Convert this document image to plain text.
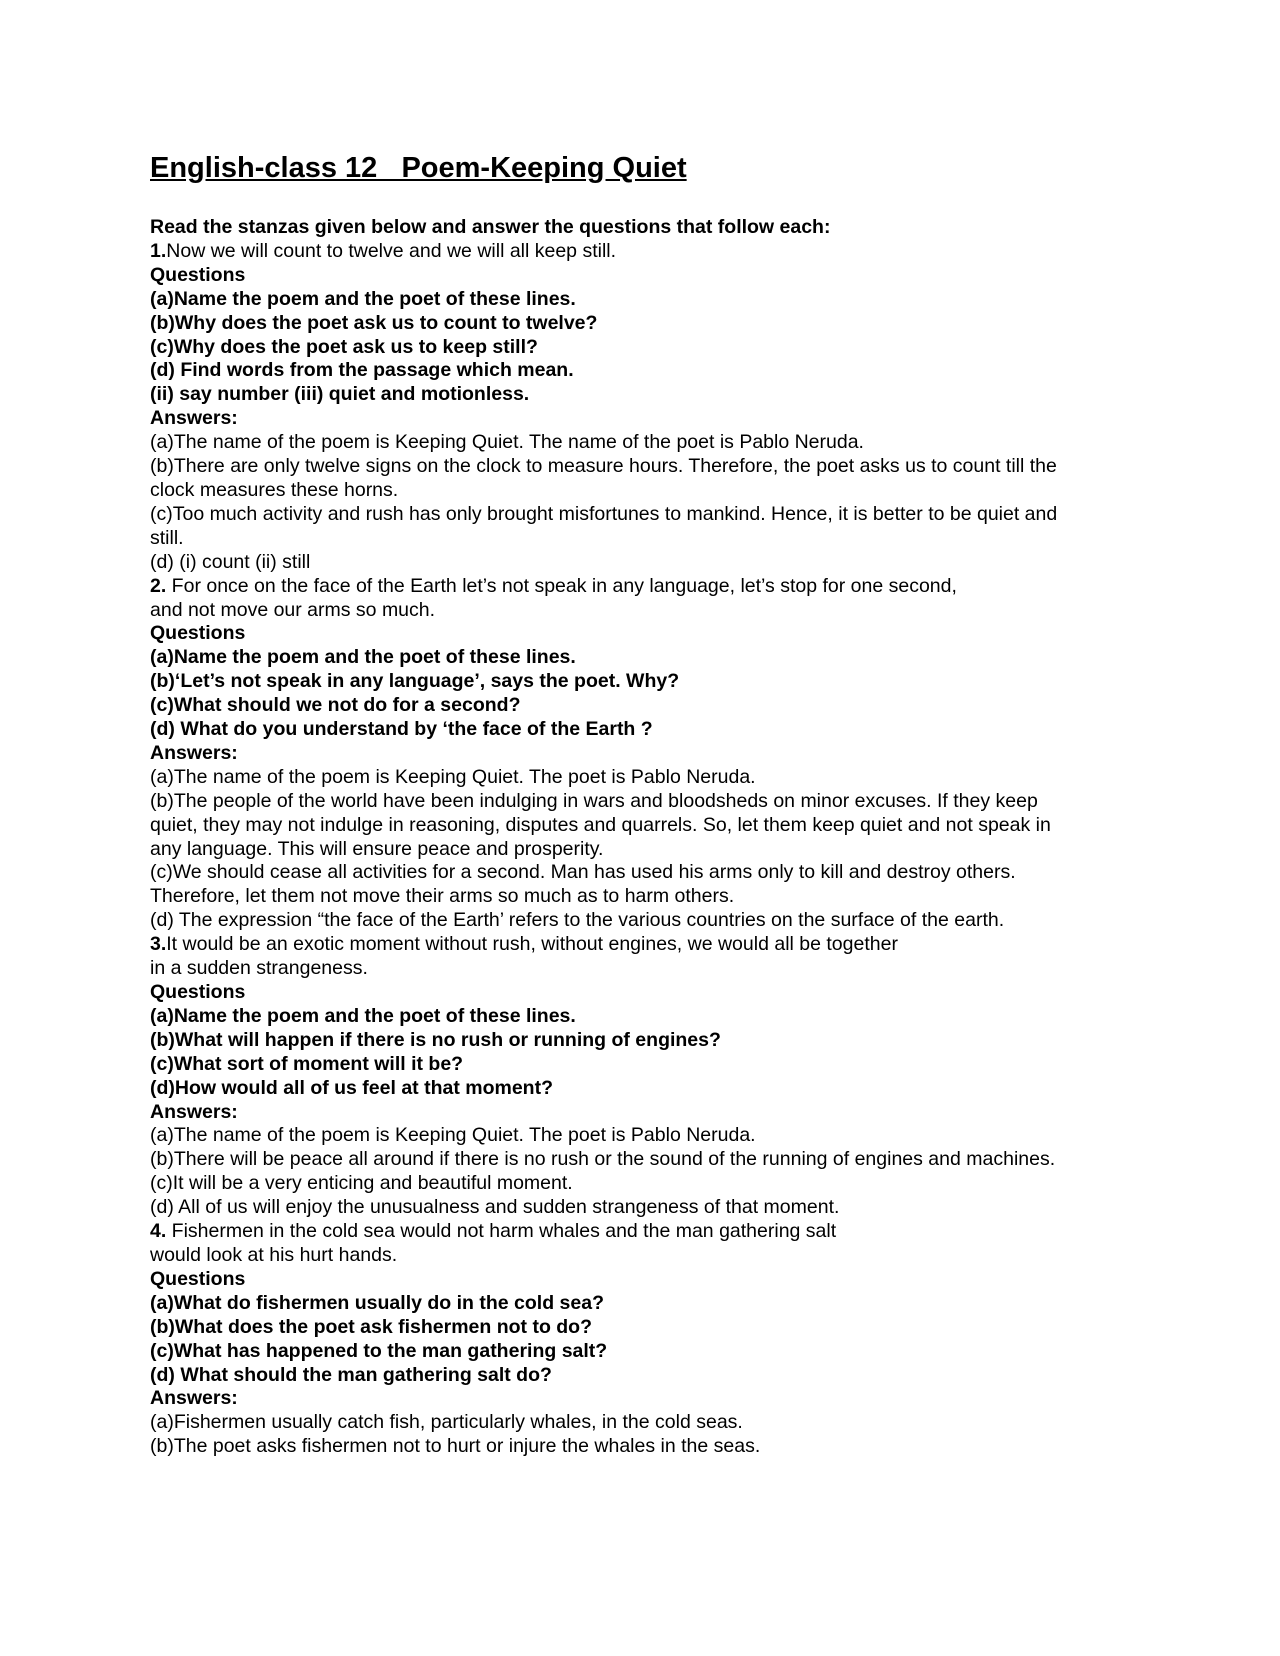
English-class 12   Poem-Keeping Quiet

Read the stanzas given below and answer the questions that follow each:

1.Now we will count to twelve and we will all keep still.

Questions

(a)Name the poem and the poet of these lines.

(b)Why does the poet ask us to count to twelve?

(c)Why does the poet ask us to keep still?

(d) Find words from the passage which mean.

(ii) say number (iii) quiet and motionless.

Answers:

(a)The name of the poem is Keeping Quiet. The name of the poet is Pablo Neruda.

(b)There are only twelve signs on the clock to measure hours. Therefore, the poet asks us to count till the

clock measures these horns.

(c)Too much activity and rush has only brought misfortunes to mankind. Hence, it is better to be quiet and

still.

(d) (i) count (ii) still

2. For once on the face of the Earth let’s not speak in any language, let’s stop for one second,

and not move our arms so much.

Questions

(a)Name the poem and the poet of these lines.

(b)‘Let’s not speak in any language’, says the poet. Why?

(c)What should we not do for a second?

(d) What do you understand by ‘the face of the Earth ?

Answers:

(a)The name of the poem is Keeping Quiet. The poet is Pablo Neruda.

(b)The people of the world have been indulging in wars and bloodsheds on minor excuses. If they keep

quiet, they may not indulge in reasoning, disputes and quarrels. So, let them keep quiet and not speak in

any language. This will ensure peace and prosperity.

(c)We should cease all activities for a second. Man has used his arms only to kill and destroy others.

Therefore, let them not move their arms so much as to harm others.

(d) The expression “the face of the Earth’ refers to the various countries on the surface of the earth.

3.It would be an exotic moment without rush, without engines, we would all be together

in a sudden strangeness.

Questions

(a)Name the poem and the poet of these lines.

(b)What will happen if there is no rush or running of engines?

(c)What sort of moment will it be?

(d)How would all of us feel at that moment?

Answers:

(a)The name of the poem is Keeping Quiet. The poet is Pablo Neruda.

(b)There will be peace all around if there is no rush or the sound of the running of engines and machines.

(c)It will be a very enticing and beautiful moment.

(d) All of us will enjoy the unusualness and sudden strangeness of that moment.

4. Fishermen in the cold sea would not harm whales and the man gathering salt

would look at his hurt hands.

Questions

(a)What do fishermen usually do in the cold sea?

(b)What does the poet ask fishermen not to do?

(c)What has happened to the man gathering salt?

(d) What should the man gathering salt do?

Answers:

(a)Fishermen usually catch fish, particularly whales, in the cold seas.

(b)The poet asks fishermen not to hurt or injure the whales in the seas.
